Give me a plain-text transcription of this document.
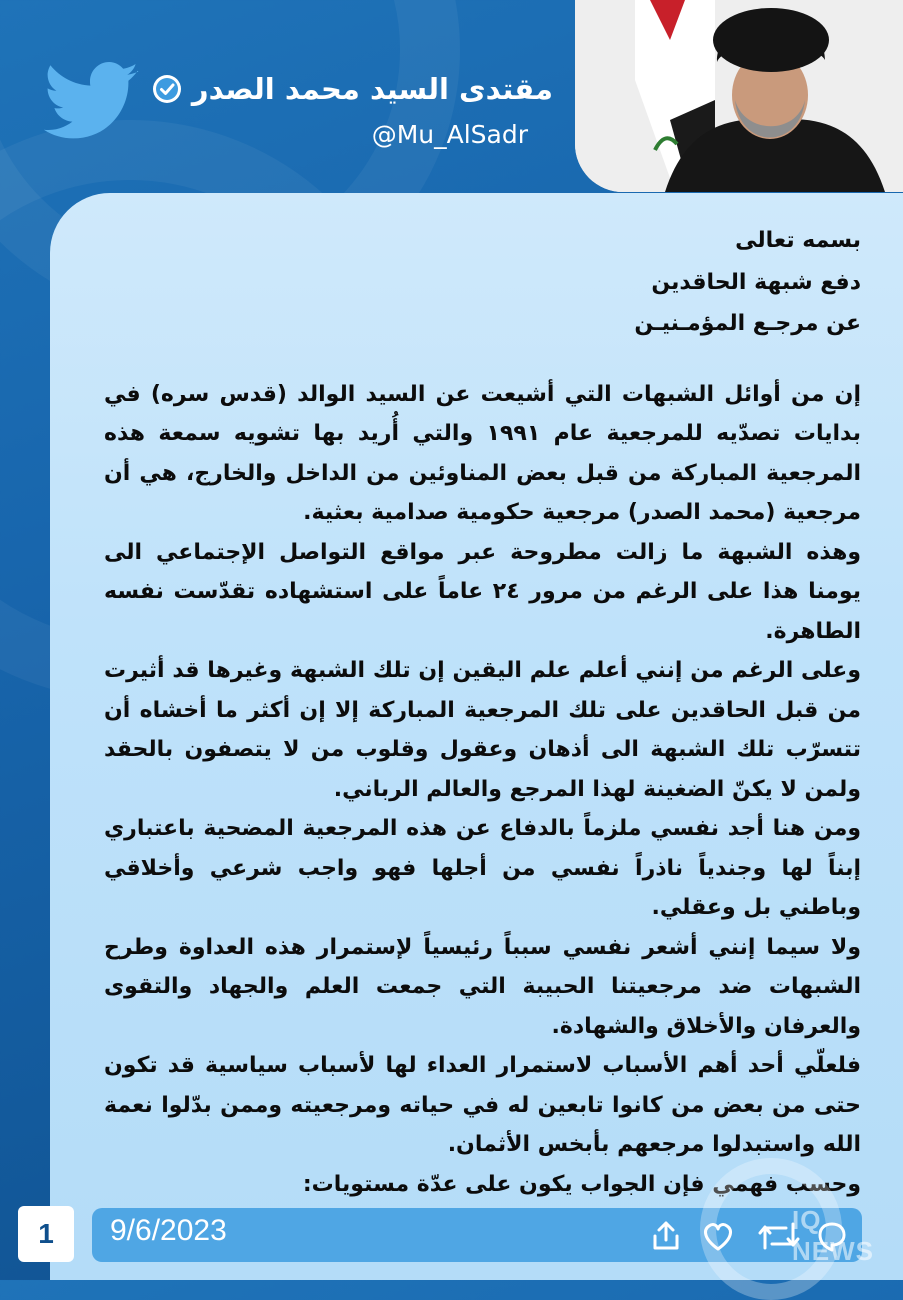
مقتدى السيد محمد الصدر
@Mu_AlSadr

بسمه تعالى

دفع شبهة الحاقدين

عن مرجـع المؤمـنيـن

إن من أوائل الشبهات التي أشيعت عن السيد الوالد (قدس سره) في بدايات تصدّيه للمرجعية عام ١٩٩١ والتي أُريد بها تشويه سمعة هذه المرجعية المباركة من قبل بعض المناوئين من الداخل والخارج، هي أن مرجعية (محمد الصدر) مرجعية حكومية صدامية بعثية.

وهذه الشبهة ما زالت مطروحة عبر مواقع التواصل الإجتماعي الى يومنا هذا على الرغم من مرور ٢٤ عاماً على استشهاده تقدّست نفسه الطاهرة.

وعلى الرغم من إنني أعلم علم اليقين إن تلك الشبهة وغيرها قد أثيرت من قبل الحاقدين على تلك المرجعية المباركة إلا إن أكثر ما أخشاه أن تتسرّب تلك الشبهة الى أذهان وعقول وقلوب من لا يتصفون بالحقد ولمن لا يكنّ الضغينة لهذا المرجع والعالم الرباني.

ومن هنا أجد نفسي ملزماً بالدفاع عن هذه المرجعية المضحية باعتباري إبناً لها وجندياً ناذراً نفسي من أجلها فهو واجب شرعي وأخلاقي وباطني بل وعقلي.

ولا سيما إنني أشعر نفسي سبباً رئيسياً لإستمرار هذه العداوة وطرح الشبهات ضد مرجعيتنا الحبيبة التي جمعت العلم والجهاد والتقوى والعرفان والأخلاق والشهادة.

فلعلّي أحد أهم الأسباب لاستمرار العداء لها لأسباب سياسية قد تكون حتى من بعض من كانوا تابعين له في حياته ومرجعيته وممن بدّلوا نعمة الله واستبدلوا مرجعهم بأبخس الأثمان.

وحسب فهمي فإن الجواب يكون على عدّة مستويات:

1	9/6/2023	IQ NEWS
